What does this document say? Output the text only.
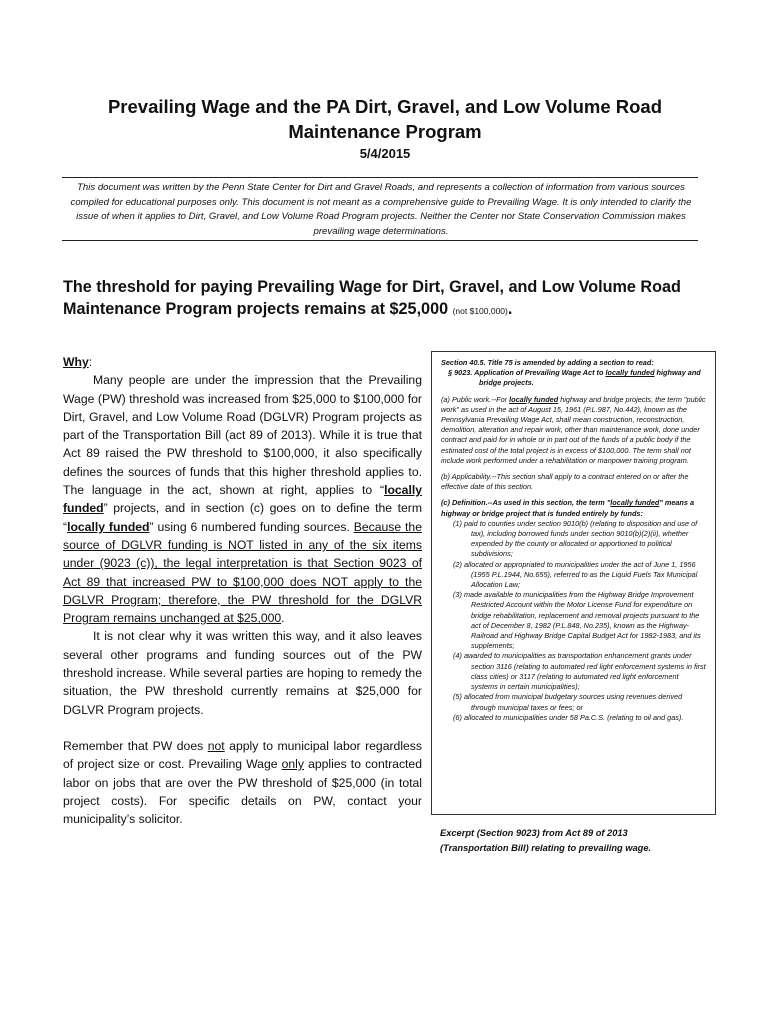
Prevailing Wage and the PA Dirt, Gravel, and Low Volume Road
Maintenance Program
5/4/2015
This document was written by the Penn State Center for Dirt and Gravel Roads, and represents a collection of information from various sources compiled for educational purposes only. This document is not meant as a comprehensive guide to Prevailing Wage. It is only intended to clarify the issue of when it applies to Dirt, Gravel, and Low Volume Road Program projects. Neither the Center nor State Conservation Commission makes prevailing wage determinations.
The threshold for paying Prevailing Wage for Dirt, Gravel, and Low Volume Road Maintenance Program projects remains at $25,000 (not $100,000).

Why:

Many people are under the impression that the Prevailing Wage (PW) threshold was increased from $25,000 to $100,000 for Dirt, Gravel, and Low Volume Road (DGLVR) Program projects as part of the Transportation Bill (act 89 of 2013). While it is true that Act 89 raised the PW threshold to $100,000, it also specifically defines the sources of funds that this higher threshold applies to. The language in the act, shown at right, applies to “locally funded” projects, and in section (c) goes on to define the term “locally funded” using 6 numbered funding sources. Because the source of DGLVR funding is NOT listed in any of the six items under (9023 (c)), the legal interpretation is that Section 9023 of Act 89 that increased PW to $100,000 does NOT apply to the DGLVR Program; therefore, the PW threshold for the DGLVR Program remains unchanged at $25,000.

It is not clear why it was written this way, and it also leaves several other programs and funding sources out of the PW threshold increase. While several parties are hoping to remedy the situation, the PW threshold currently remains at $25,000 for DGLVR Program projects.

Remember that PW does not apply to municipal labor regardless of project size or cost. Prevailing Wage only applies to contracted labor on jobs that are over the PW threshold of $25,000 (in total project costs). For specific details on PW, contact your municipality’s solicitor.

Section 40.5. Title 75 is amended by adding a section to read:

§ 9023. Application of Prevailing Wage Act to locally funded highway and bridge projects.

(a) Public work.--For locally funded highway and bridge projects, the term "public work" as used in the act of August 15, 1961 (P.L.987, No.442), known as the Pennsylvania Prevailing Wage Act, shall mean construction, reconstruction, demolition, alteration and repair work, other than maintenance work, done under contract and paid for in whole or in part out of the funds of a public body if the estimated cost of the total project is in excess of $100,000. The term shall not include work performed under a rehabilitation or manpower training program.

(b) Applicability.--This section shall apply to a contract entered on or after the effective date of this section.

(c) Definition.--As used in this section, the term "locally funded" means a highway or bridge project that is funded entirely by funds:

(1) paid to counties under section 9010(b) (relating to disposition and use of tax), including borrowed funds under section 9010(b)(2)(ii), whether expended by the county or allocated or apportioned to political subdivisions;
(2) allocated or appropriated to municipalities under the act of June 1, 1956 (1955 P.L.1944, No.655), referred to as the Liquid Fuels Tax Municipal Allocation Law;
(3) made available to municipalities from the Highway Bridge Improvement Restricted Account within the Motor License Fund for expenditure on bridge rehabilitation, replacement and removal projects pursuant to the act of December 8, 1982 (P.L.848, No.235), known as the Highway-Railroad and Highway Bridge Capital Budget Act for 1982-1983, and its supplements;
(4) awarded to municipalities as transportation enhancement grants under section 3116 (relating to automated red light enforcement systems in first class cities) or 3117 (relating to automated red light enforcement systems in certain municipalities);
(5) allocated from municipal budgetary sources using revenues derived through municipal taxes or fees; or
(6) allocated to municipalities under 58 Pa.C.S. (relating to oil and gas).
Excerpt (Section 9023) from Act 89 of 2013
(Transportation Bill) relating to prevailing wage.
